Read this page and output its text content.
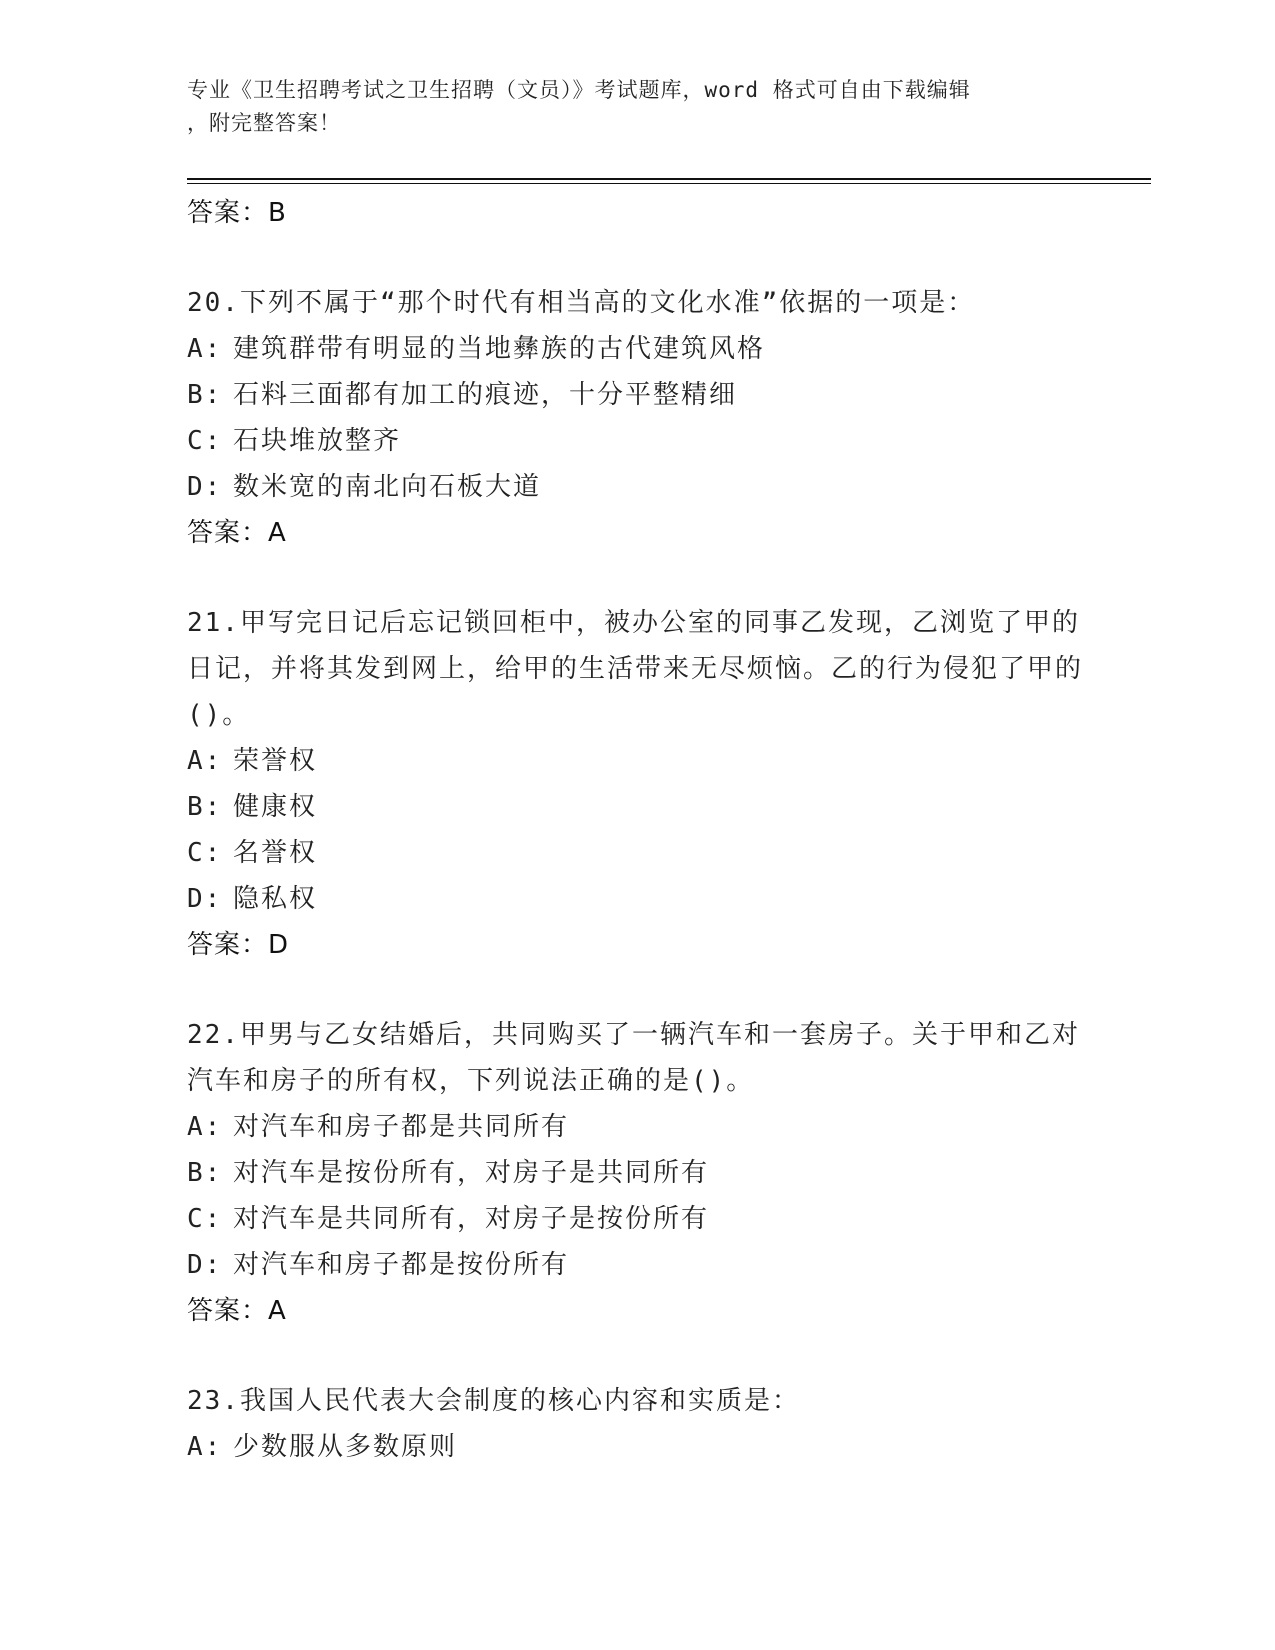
专业《卫生招聘考试之卫生招聘（文员）》考试题库，word 格式可自由下载编辑
，附完整答案！
答案：B
20.下列不属于“那个时代有相当高的文化水准”依据的一项是：
A: 建筑群带有明显的当地彝族的古代建筑风格
B: 石料三面都有加工的痕迹，十分平整精细
C: 石块堆放整齐
D: 数米宽的南北向石板大道
答案：A
21.甲写完日记后忘记锁回柜中，被办公室的同事乙发现，乙浏览了甲的日记，并将其发到网上，给甲的生活带来无尽烦恼。乙的行为侵犯了甲的()。
A: 荣誉权
B: 健康权
C: 名誉权
D: 隐私权
答案：D
22.甲男与乙女结婚后，共同购买了一辆汽车和一套房子。关于甲和乙对汽车和房子的所有权，下列说法正确的是()。
A: 对汽车和房子都是共同所有
B: 对汽车是按份所有，对房子是共同所有
C: 对汽车是共同所有，对房子是按份所有
D: 对汽车和房子都是按份所有
答案：A
23.我国人民代表大会制度的核心内容和实质是：
A: 少数服从多数原则
